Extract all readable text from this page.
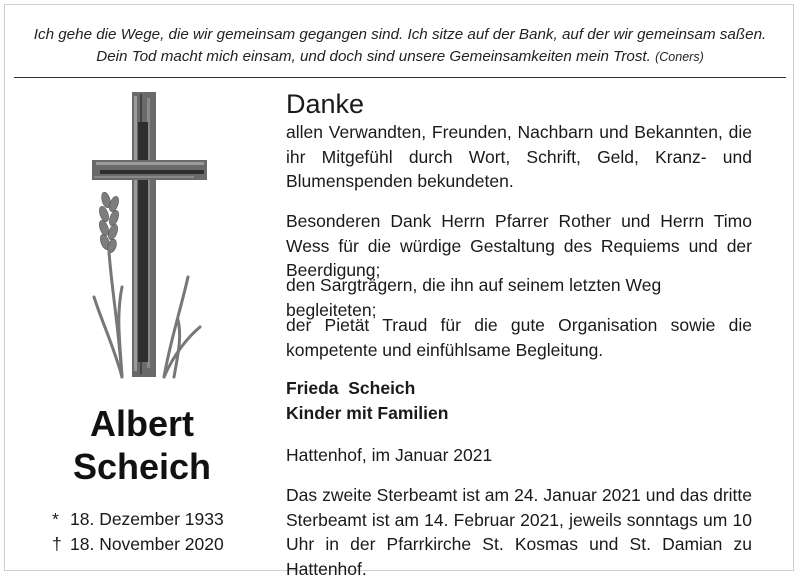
Ich gehe die Wege, die wir gemeinsam gegangen sind. Ich sitze auf der Bank, auf der wir gemeinsam saßen.
Dein Tod macht mich einsam, und doch sind unsere Gemeinsamkeiten mein Trost. (Coners)
Albert
Scheich
* 18. Dezember 1933
† 18. November 2020
Danke
allen Verwandten, Freunden, Nachbarn und Bekannten, die ihr Mitgefühl durch Wort, Schrift, Geld, Kranz- und Blumenspenden bekundeten.
Besonderen Dank Herrn Pfarrer Rother und Herrn Timo Wess für die würdige Gestaltung des Requiems und der Beerdigung;
den Sargträgern, die ihn auf seinem letzten Weg begleiteten;
der Pietät Traud für die gute Organisation sowie die kompetente und einfühlsame Begleitung.
Frieda  Scheich
Kinder mit Familien
Hattenhof, im Januar 2021
Das zweite Sterbeamt ist am 24. Januar 2021 und das dritte Sterbeamt ist am 14. Februar 2021, jeweils sonntags um 10 Uhr in der Pfarrkirche St. Kosmas und St. Damian zu Hattenhof.
